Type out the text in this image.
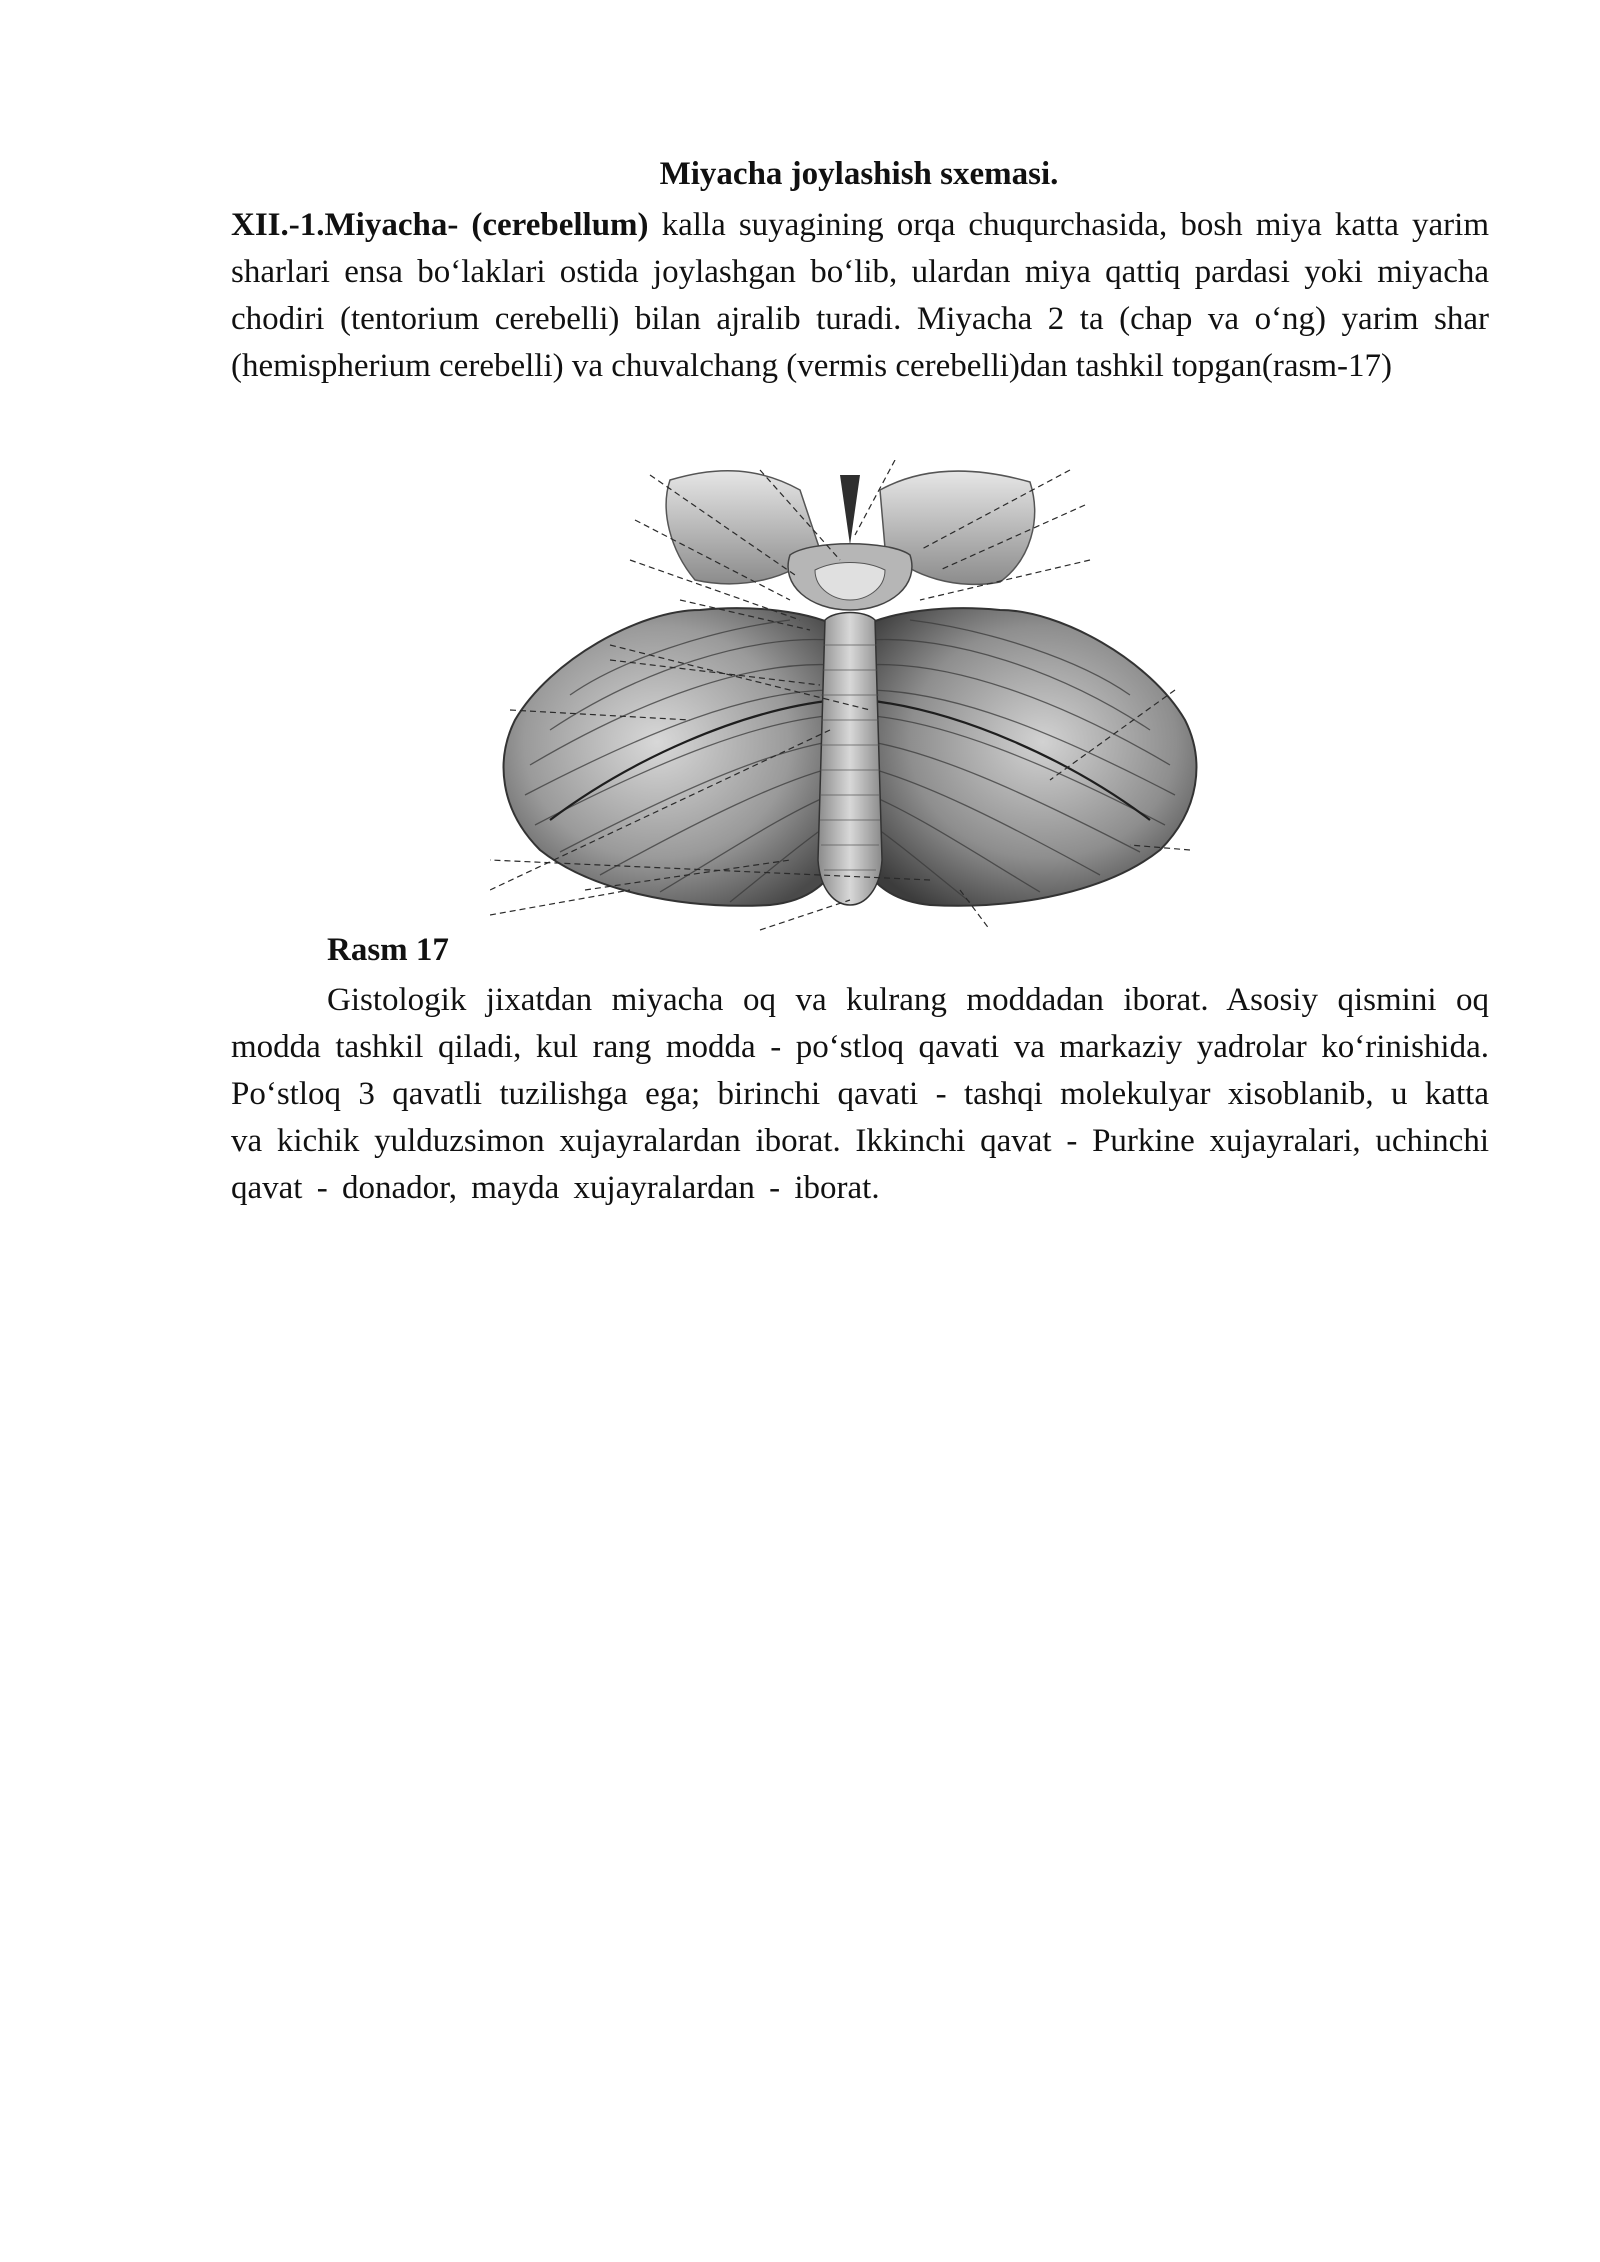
Miyacha joylashish sxemasi.

XII.-1.Miyacha- (cerebellum) kalla suyagining orqa chuqurchasida, bosh miya katta yarim sharlari ensa bo‘laklari ostida joylashgan bo‘lib, ulardan miya qattiq pardasi yoki miyacha chodiri (tentorium cerebelli) bilan ajralib turadi. Miyacha 2 ta (chap va o‘ng) yarim shar (hemispherium cerebelli) va chuvalchang (vermis cerebelli)dan tashkil topgan(rasm-17)

Rasm 17

Gistologik jixatdan miyacha oq va kulrang moddadan iborat. Asosiy qismini oq modda tashkil qiladi, kul rang modda - po‘stloq qavati va markaziy yadrolar ko‘rinishida. Po‘stloq 3 qavatli tuzilishga ega; birinchi qavati - tashqi molekulyar xisoblanib, u katta va kichik yulduzsimon xujayralardan iborat. Ikkinchi qavat - Purkine xujayralari, uchinchi qavat - donador, mayda xujayralardan - iborat.
